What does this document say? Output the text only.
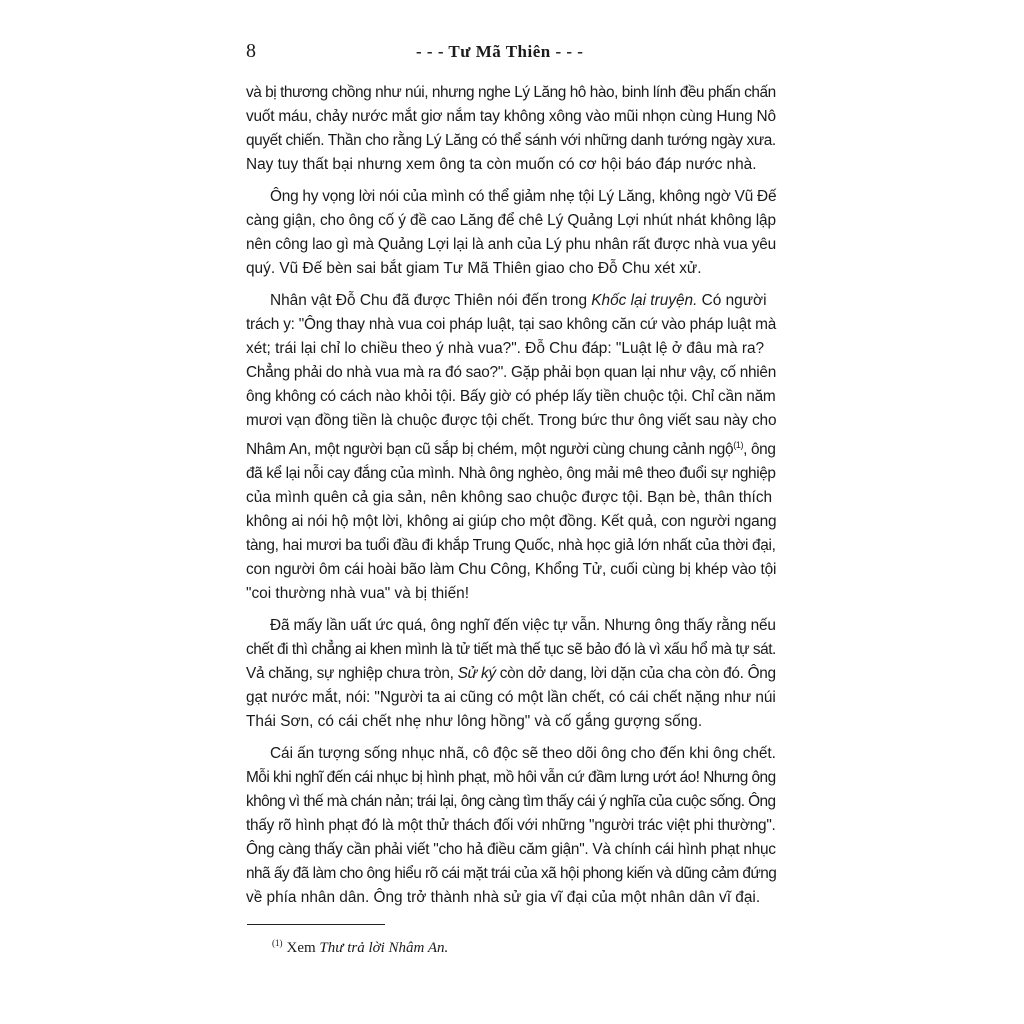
8	- - - Tư Mã Thiên - - -

và bị thương chồng như núi, nhưng nghe Lý Lăng hô hào, binh lính đều phấn chấn
vuốt máu, chảy nước mắt giơ nắm tay không xông vào mũi nhọn cùng Hung Nô
quyết chiến. Thần cho rằng Lý Lăng có thể sánh với những danh tướng ngày xưa.
Nay tuy thất bại nhưng xem ông ta còn muốn có cơ hội báo đáp nước nhà.

Ông hy vọng lời nói của mình có thể giảm nhẹ tội Lý Lăng, không ngờ Vũ Đế
càng giận, cho ông cố ý đề cao Lăng để chê Lý Quảng Lợi nhút nhát không lập
nên công lao gì mà Quảng Lợi lại là anh của Lý phu nhân rất được nhà vua yêu
quý. Vũ Đế bèn sai bắt giam Tư Mã Thiên giao cho Đỗ Chu xét xử.

Nhân vật Đỗ Chu đã được Thiên nói đến trong Khốc lại truyện. Có người
trách y: "Ông thay nhà vua coi pháp luật, tại sao không căn cứ vào pháp luật mà
xét; trái lại chỉ lo chiều theo ý nhà vua?". Đỗ Chu đáp: "Luật lệ ở đâu mà ra?
Chẳng phải do nhà vua mà ra đó sao?". Gặp phải bọn quan lại như vậy, cố nhiên
ông không có cách nào khỏi tội. Bấy giờ có phép lấy tiền chuộc tội. Chỉ cần năm
mươi vạn đồng tiền là chuộc được tội chết. Trong bức thư ông viết sau này cho
Nhâm An, một người bạn cũ sắp bị chém, một người cùng chung cảnh ngộ$^{(1)}$, ông
đã kể lại nỗi cay đắng của mình. Nhà ông nghèo, ông mải mê theo đuổi sự nghiệp
của mình quên cả gia sản, nên không sao chuộc được tội. Bạn bè, thân thích
không ai nói hộ một lời, không ai giúp cho một đồng. Kết quả, con người ngang
tàng, hai mươi ba tuổi đầu đi khắp Trung Quốc, nhà học giả lớn nhất của thời đại,
con người ôm cái hoài bão làm Chu Công, Khổng Tử, cuối cùng bị khép vào tội
"coi thường nhà vua" và bị thiến!

Đã mấy lần uất ức quá, ông nghĩ đến việc tự vẫn. Nhưng ông thấy rằng nếu
chết đi thì chẳng ai khen mình là tử tiết mà thế tục sẽ bảo đó là vì xấu hổ mà tự sát.
Vả chăng, sự nghiệp chưa tròn, Sử ký còn dở dang, lời dặn của cha còn đó. Ông
gạt nước mắt, nói: "Người ta ai cũng có một lần chết, có cái chết nặng như núi
Thái Sơn, có cái chết nhẹ như lông hồng" và cố gắng gượng sống.

Cái ấn tượng sống nhục nhã, cô độc sẽ theo dõi ông cho đến khi ông chết.
Mỗi khi nghĩ đến cái nhục bị hình phạt, mồ hôi vẫn cứ đầm lưng ướt áo! Nhưng ông
không vì thế mà chán nản; trái lại, ông càng tìm thấy cái ý nghĩa của cuộc sống. Ông
thấy rõ hình phạt đó là một thử thách đối với những "người trác việt phi thường".
Ông càng thấy cần phải viết "cho hả điều căm giận". Và chính cái hình phạt nhục
nhã ấy đã làm cho ông hiểu rõ cái mặt trái của xã hội phong kiến và dũng cảm đứng
về phía nhân dân. Ông trở thành nhà sử gia vĩ đại của một nhân dân vĩ đại.

$^{(1)}$ Xem Thư trả lời Nhâm An.
